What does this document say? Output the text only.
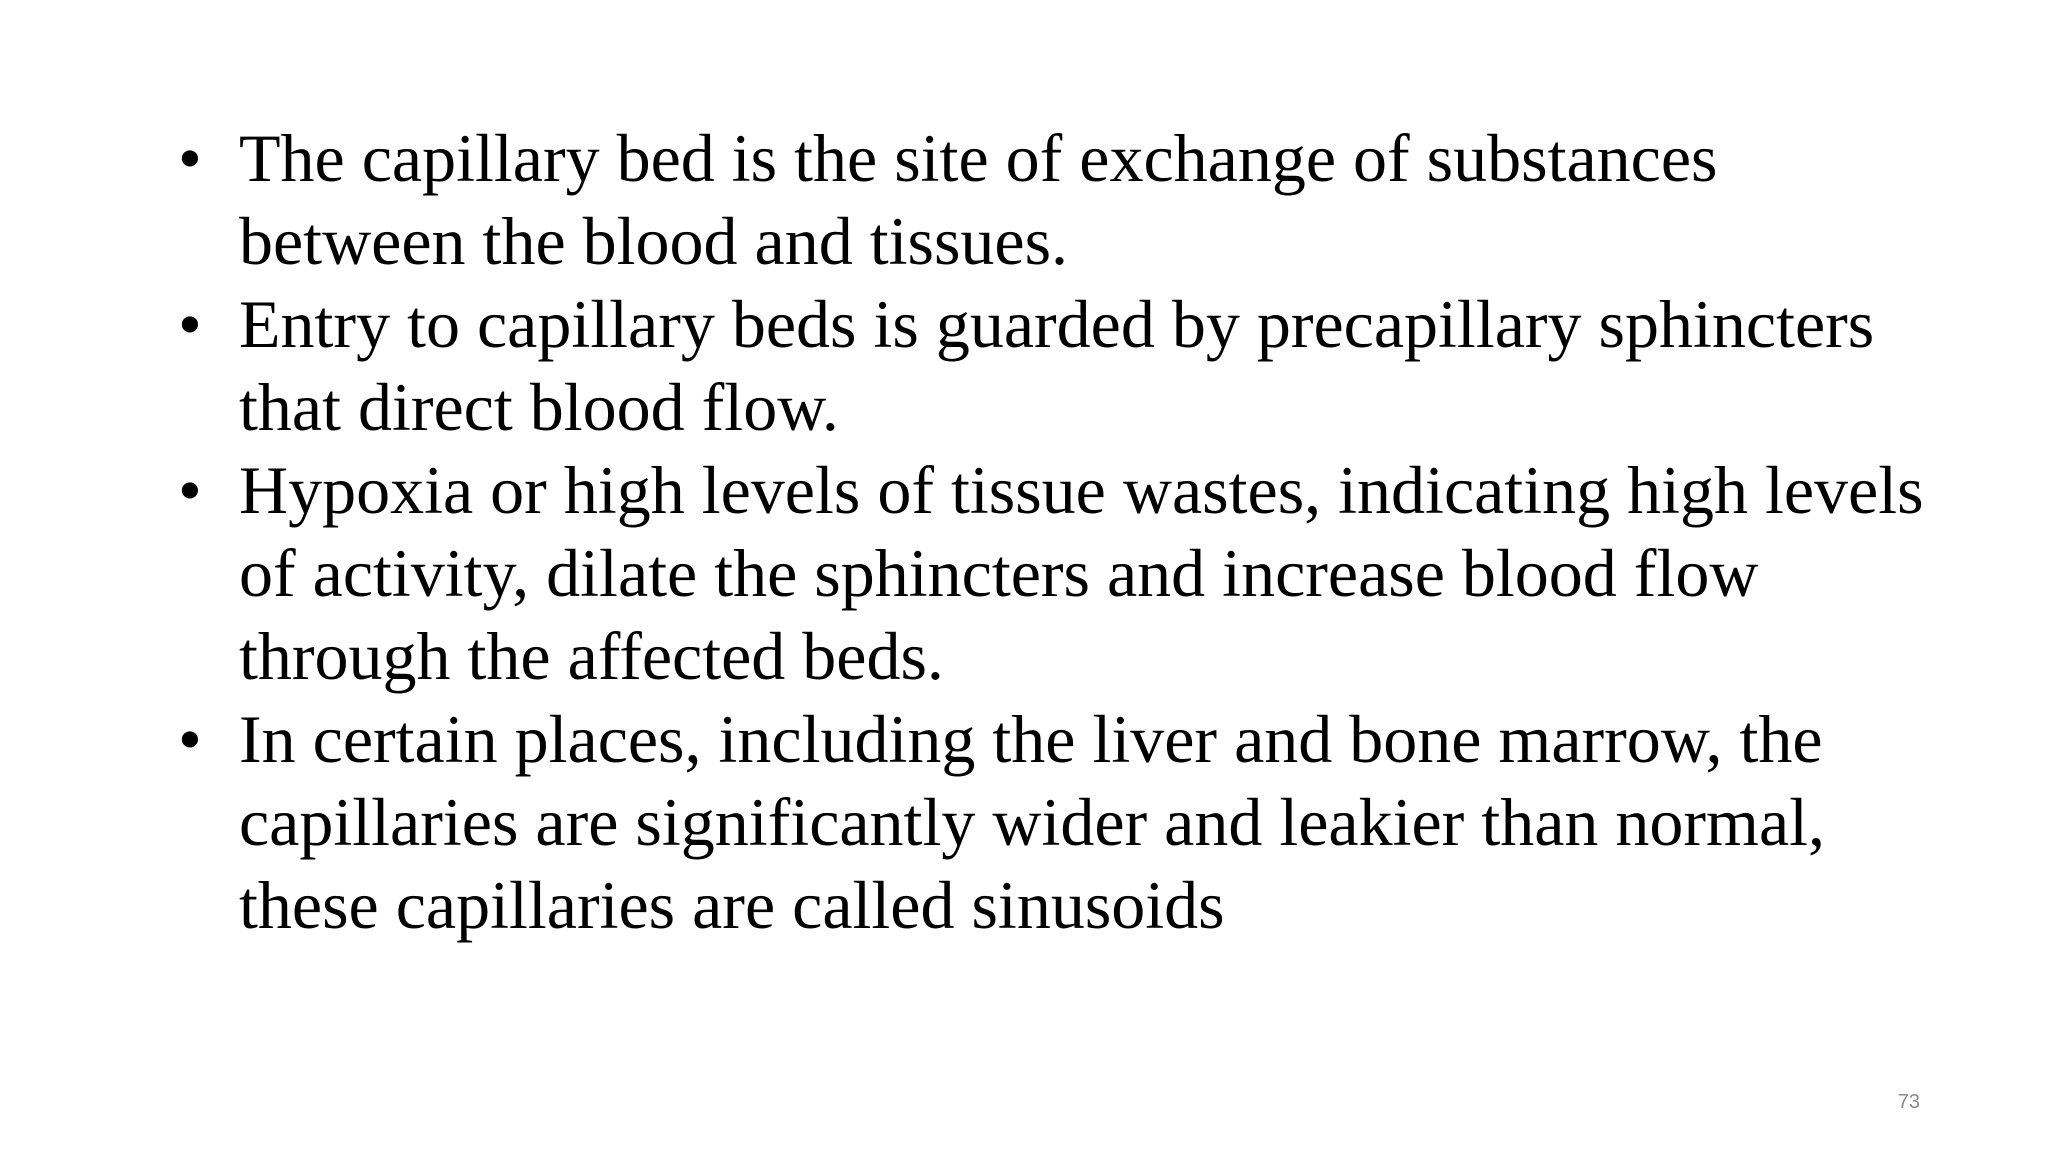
• The capillary bed is the site of exchange of substances between the blood and tissues.
• Entry to capillary beds is guarded by precapillary sphincters that direct blood flow.
• Hypoxia or high levels of tissue wastes, indicating high levels of activity, dilate the sphincters and increase blood flow through the affected beds.
• In certain places, including the liver and bone marrow, the capillaries are significantly wider and leakier than normal, these capillaries are called sinusoids
73
